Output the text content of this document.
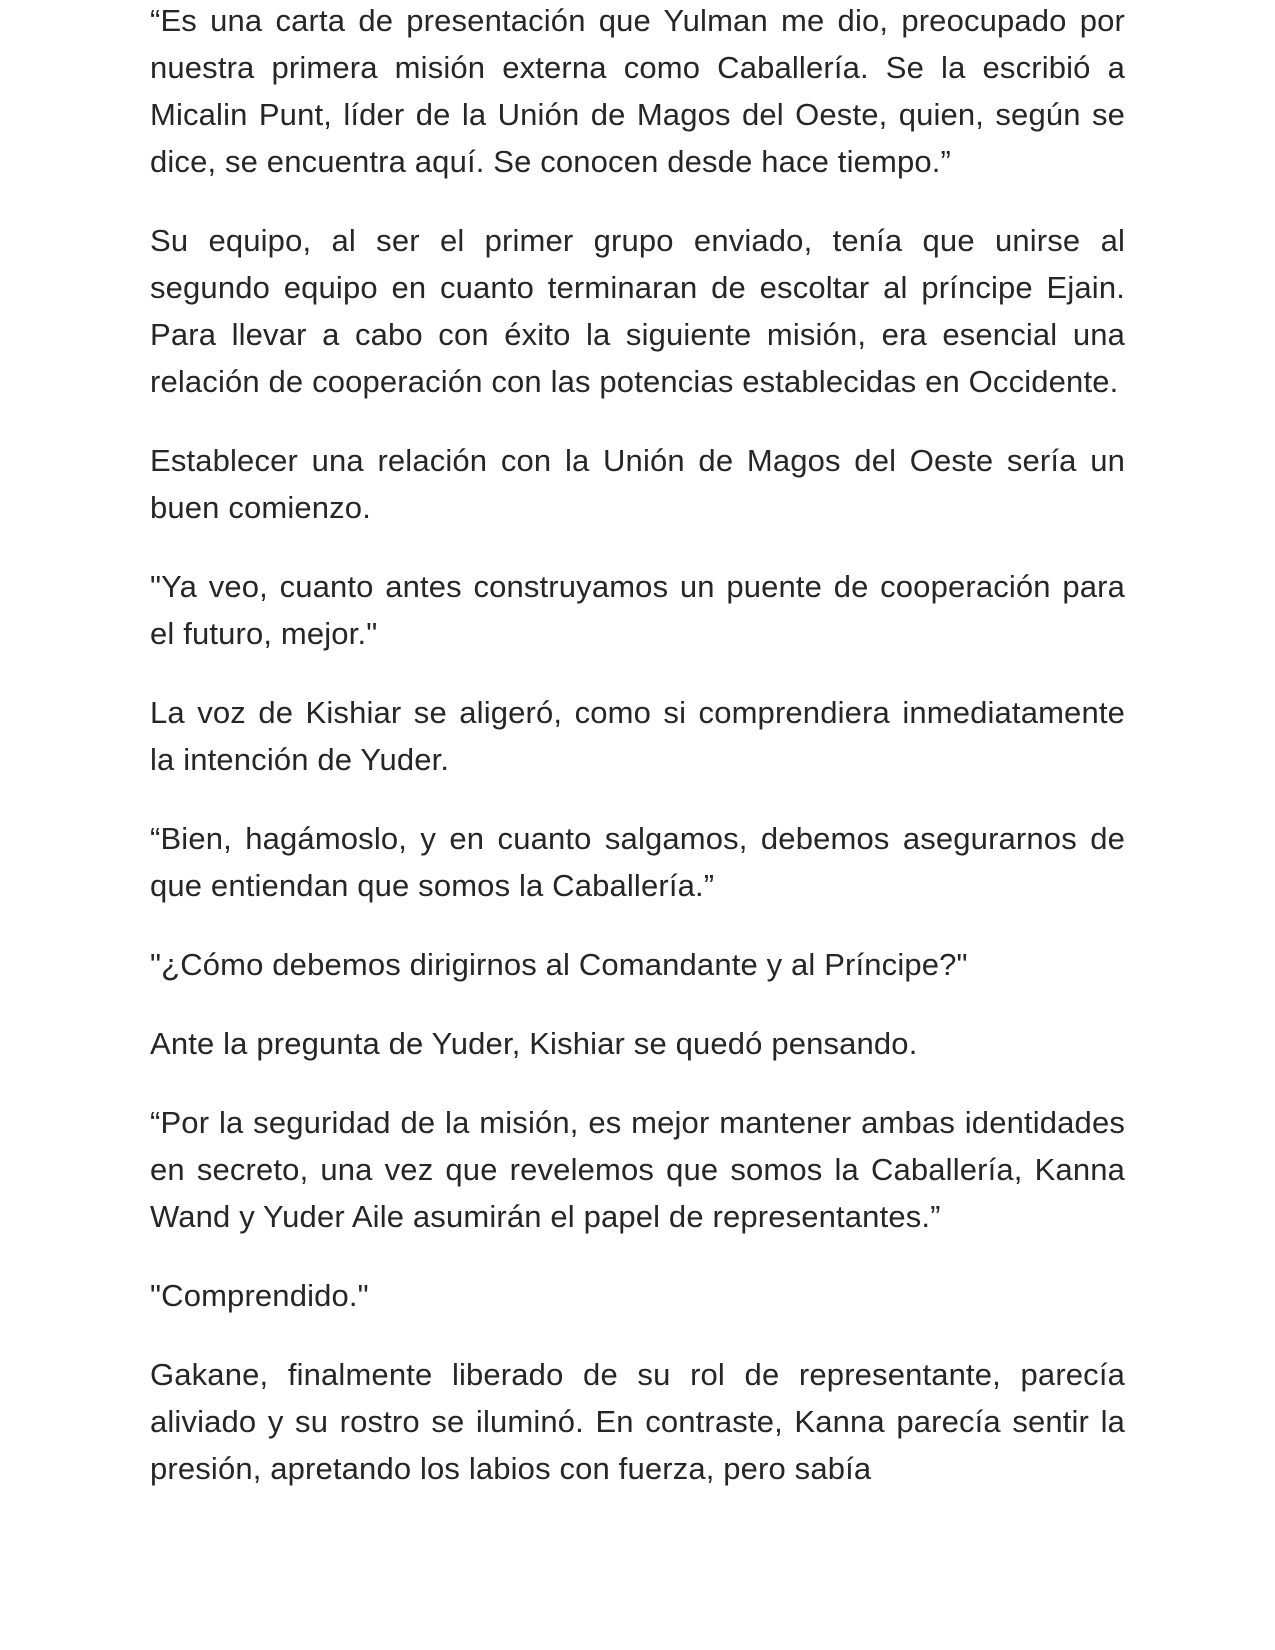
“Es una carta de presentación que Yulman me dio, preocupado por nuestra primera misión externa como Caballería. Se la escribió a Micalin Punt, líder de la Unión de Magos del Oeste, quien, según se dice, se encuentra aquí. Se conocen desde hace tiempo.”

Su equipo, al ser el primer grupo enviado, tenía que unirse al segundo equipo en cuanto terminaran de escoltar al príncipe Ejain. Para llevar a cabo con éxito la siguiente misión, era esencial una relación de cooperación con las potencias establecidas en Occidente.

Establecer una relación con la Unión de Magos del Oeste sería un buen comienzo.

"Ya veo, cuanto antes construyamos un puente de cooperación para el futuro, mejor."

La voz de Kishiar se aligeró, como si comprendiera inmediatamente la intención de Yuder.

“Bien, hagámoslo, y en cuanto salgamos, debemos asegurarnos de que entiendan que somos la Caballería.”

"¿Cómo debemos dirigirnos al Comandante y al Príncipe?"

Ante la pregunta de Yuder, Kishiar se quedó pensando.

“Por la seguridad de la misión, es mejor mantener ambas identidades en secreto, una vez que revelemos que somos la Caballería, Kanna Wand y Yuder Aile asumirán el papel de representantes.”

"Comprendido."

Gakane, finalmente liberado de su rol de representante, parecía aliviado y su rostro se iluminó. En contraste, Kanna parecía sentir la presión, apretando los labios con fuerza, pero sabía
